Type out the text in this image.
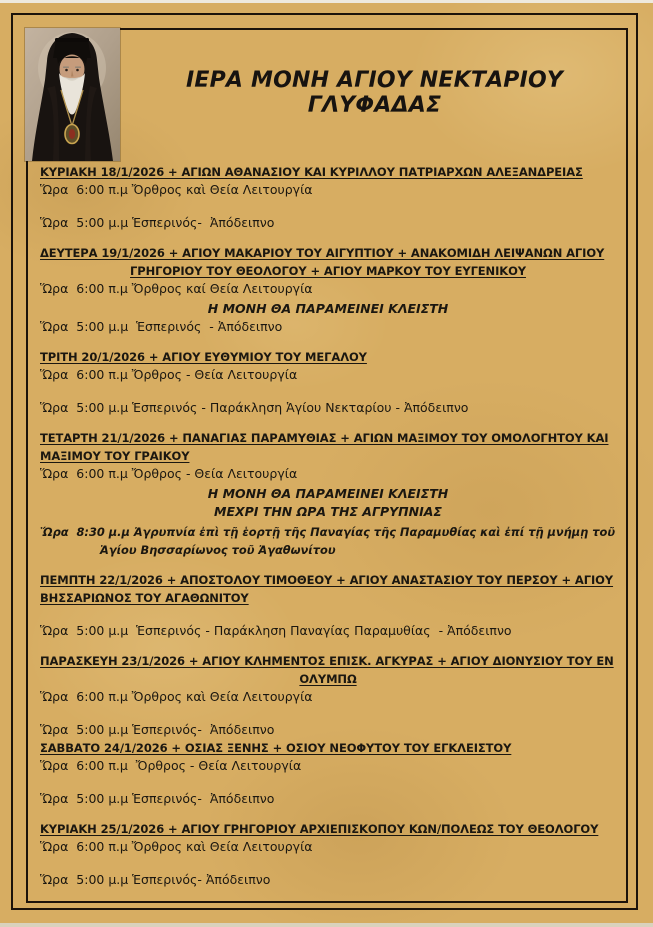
ΙΕΡΑ ΜΟΝΗ ΑΓΙΟΥ ΝΕΚΤΑΡΙΟΥ ΓΛΥΦΑΔΑΣ

ΚΥΡΙΑΚΗ 18/1/2026 + ΑΓΙΩΝ ΑΘΑΝΑΣΙΟΥ ΚΑΙ ΚΥΡΙΛΛΟΥ ΠΑΤΡΙΑΡΧΩΝ ΑΛΕΞΑΝΔΡΕΙΑΣ

Ὥρα  6:00 π.μ Ὄρθρος καὶ Θεία Λειτουργία

Ὥρα  5:00 μ.μ Ἑσπερινός-  Ἀπόδειπνο

ΔΕΥΤΕΡΑ 19/1/2026 + ΑΓΙΟΥ ΜΑΚΑΡΙΟΥ ΤΟΥ ΑΙΓΥΠΤΙΟΥ + ΑΝΑΚΟΜΙΔΗ ΛΕΙΨΑΝΩΝ ΑΓΙΟΥ

ΓΡΗΓΟΡΙΟΥ ΤΟΥ ΘΕΟΛΟΓΟΥ + ΑΓΙΟΥ ΜΑΡΚΟΥ ΤΟΥ ΕΥΓΕΝΙΚΟΥ

Ὥρα  6:00 π.μ Ὄρθρος καί Θεία Λειτουργία

Η ΜΟΝΗ ΘΑ ΠΑΡΑΜΕΙΝΕΙ ΚΛΕΙΣΤΗ

Ὥρα  5:00 μ.μ  Ἑσπερινός  - Ἀπόδειπνο

ΤΡΙΤΗ 20/1/2026 + ΑΓΙΟΥ ΕΥΘΥΜΙΟΥ ΤΟΥ ΜΕΓΑΛΟΥ

Ὥρα  6:00 π.μ Ὄρθρος - Θεία Λειτουργία

Ὥρα  5:00 μ.μ Ἑσπερινός - Παράκληση Ἁγίου Νεκταρίου - Ἀπόδειπνο

ΤΕΤΑΡΤΗ 21/1/2026 + ΠΑΝΑΓΙΑΣ ΠΑΡΑΜΥΘΙΑΣ + ΑΓΙΩΝ ΜΑΞΙΜΟΥ ΤΟΥ ΟΜΟΛΟΓΗΤΟΥ ΚΑΙ

ΜΑΞΙΜΟΥ ΤΟΥ ΓΡΑΙΚΟΥ

Ὥρα  6:00 π.μ Ὄρθρος - Θεία Λειτουργία

Η ΜΟΝΗ ΘΑ ΠΑΡΑΜΕΙΝΕΙ ΚΛΕΙΣΤΗ

ΜΕΧΡΙ ΤΗΝ ΩΡΑ ΤΗΣ ΑΓΡΥΠΝΙΑΣ

Ὥρα  8:30 μ.μ Ἀγρυπνία ἐπὶ τῇ ἑορτῇ τῆς Παναγίας τῆς Παραμυθίας καὶ ἐπί τῇ μνήμῃ τοῦ

Ἁγίου Βησσαρίωνος τοῦ Ἀγαθωνίτου

ΠΕΜΠΤΗ 22/1/2026 + ΑΠΟΣΤΟΛΟΥ ΤΙΜΟΘΕΟΥ + ΑΓΙΟΥ ΑΝΑΣΤΑΣΙΟΥ ΤΟΥ ΠΕΡΣΟΥ + ΑΓΙΟΥ

ΒΗΣΣΑΡΙΩΝΟΣ ΤΟΥ ΑΓΑΘΩΝΙΤΟΥ

Ὥρα  5:00 μ.μ  Ἑσπερινός - Παράκληση Παναγίας Παραμυθίας  - Ἀπόδειπνο

ΠΑΡΑΣΚΕΥΗ 23/1/2026 + ΑΓΙΟΥ ΚΛΗΜΕΝΤΟΣ ΕΠΙΣΚ. ΑΓΚΥΡΑΣ + ΑΓΙΟΥ ΔΙΟΝΥΣΙΟΥ ΤΟΥ ΕΝ

ΟΛΥΜΠΩ

Ὥρα  6:00 π.μ Ὄρθρος καὶ Θεία Λειτουργία

Ὥρα  5:00 μ.μ Ἑσπερινός-  Ἀπόδειπνο

ΣΑΒΒΑΤΟ 24/1/2026 + ΟΣΙΑΣ ΞΕΝΗΣ + ΟΣΙΟΥ ΝΕΟΦΥΤΟΥ ΤΟΥ ΕΓΚΛΕΙΣΤΟΥ

Ὥρα  6:00 π.μ  Ὄρθρος - Θεία Λειτουργία

Ὥρα  5:00 μ.μ Ἑσπερινός-  Ἀπόδειπνο

ΚΥΡΙΑΚΗ 25/1/2026 + ΑΓΙΟΥ ΓΡΗΓΟΡΙΟΥ ΑΡΧΙΕΠΙΣΚΟΠΟΥ ΚΩΝ/ΠΟΛΕΩΣ ΤΟΥ ΘΕΟΛΟΓΟΥ

Ὥρα  6:00 π.μ Ὄρθρος καὶ Θεία Λειτουργία

Ὥρα  5:00 μ.μ Ἑσπερινός- Ἀπόδειπνο
